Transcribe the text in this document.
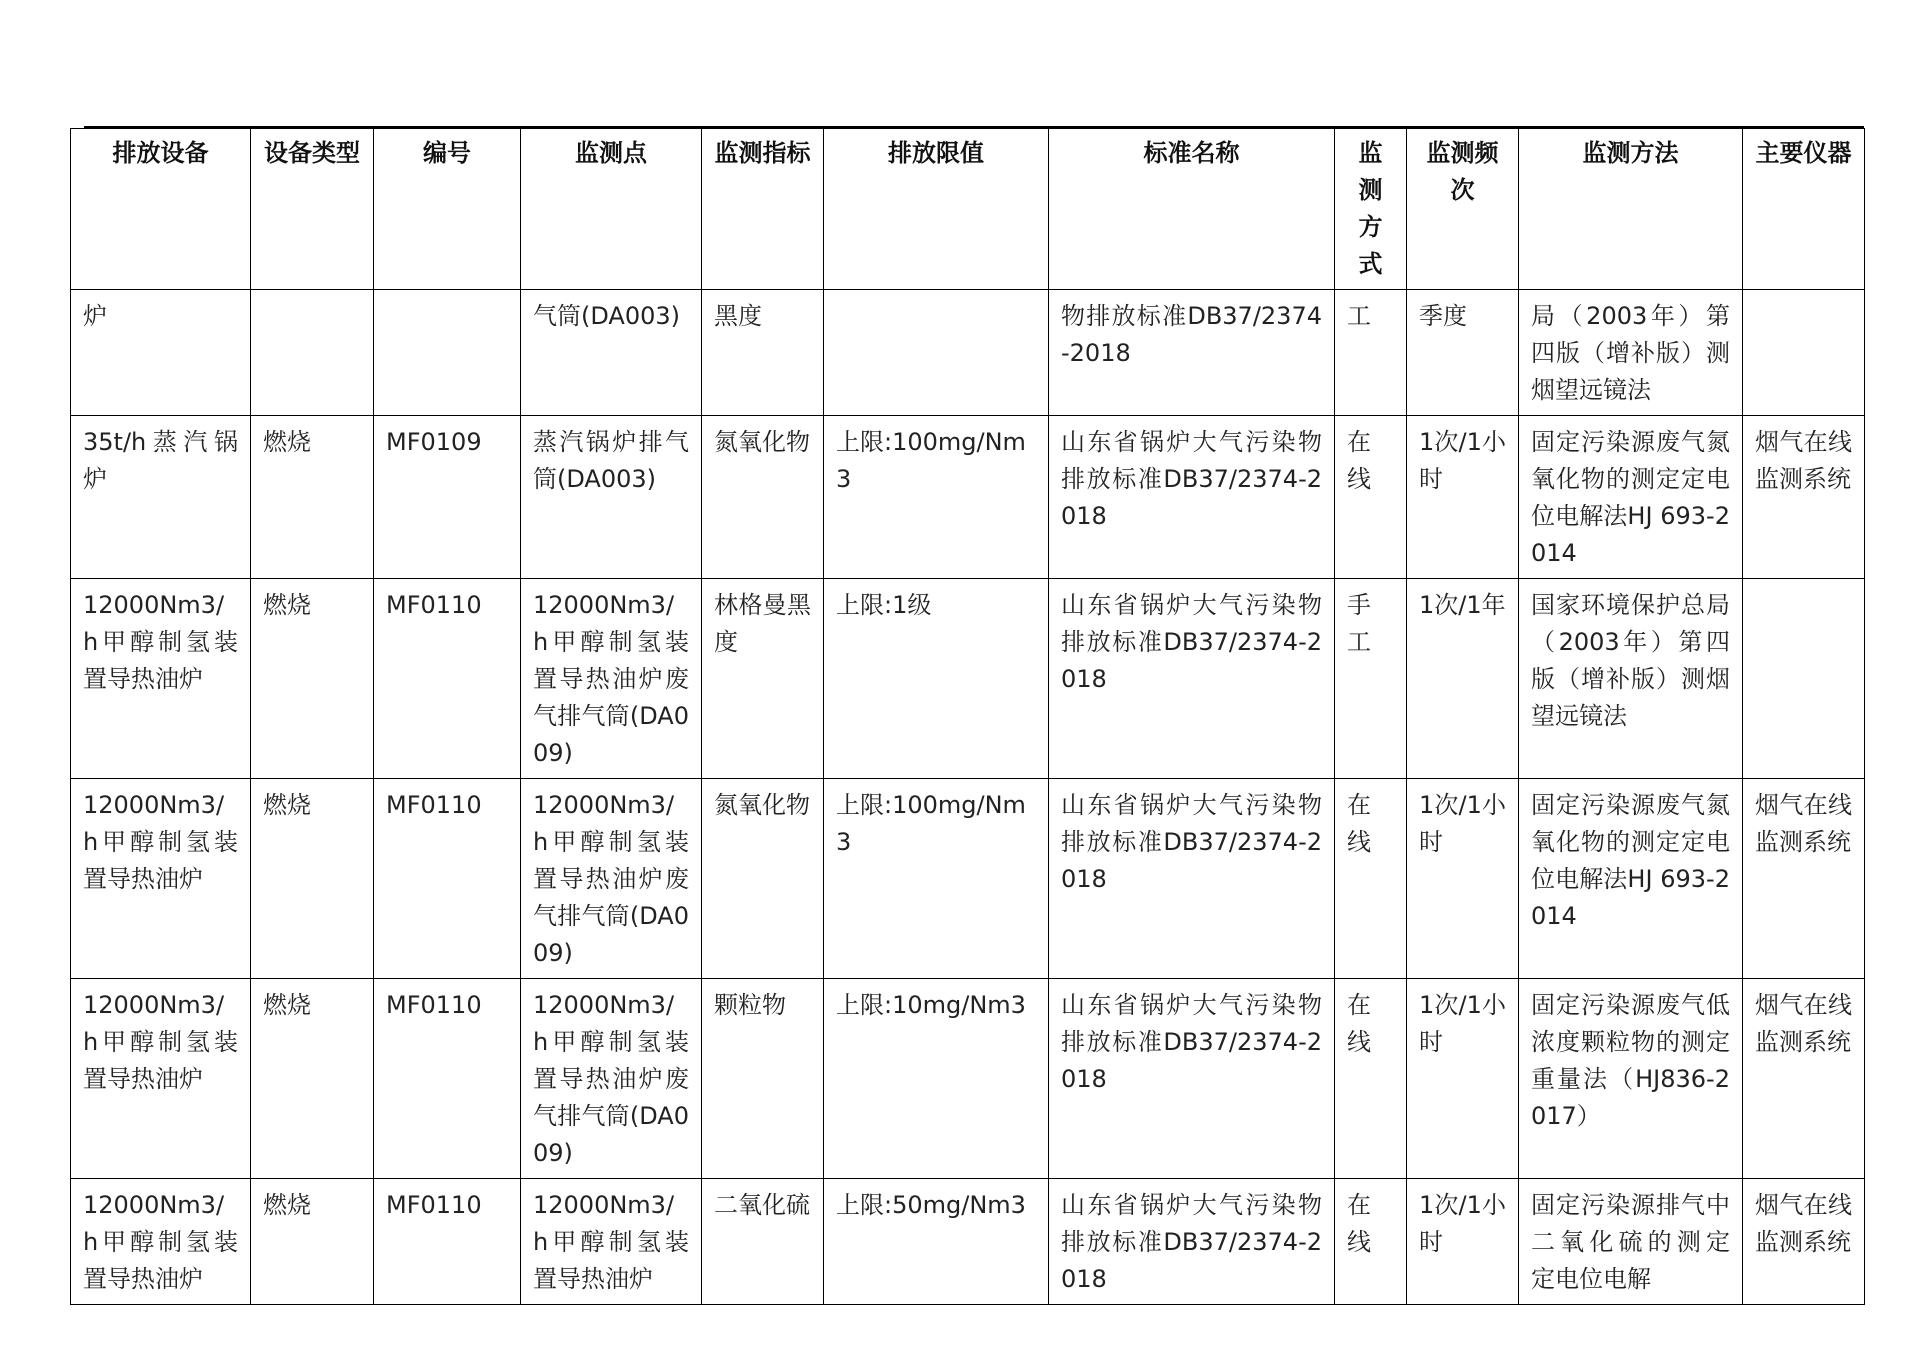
排放设备	设备类型	编号	监测点	监测指标	排放限值	标准名称	监测方式	监测频次	监测方法	主要仪器
炉			气筒(DA003)	黑度		物排放标准DB37/2374-2018	工	季度	局（2003年）第四版（增补版）测烟望远镜法	
35t/h蒸汽锅炉	燃烧	MF0109	蒸汽锅炉排气筒(DA003)	氮氧化物	上限:100mg/Nm3	山东省锅炉大气污染物排放标准DB37/2374-2018	在线	1次/1小时	固定污染源废气氮氧化物的测定定电位电解法HJ 693-2014	烟气在线监测系统
12000Nm3/h甲醇制氢装置导热油炉	燃烧	MF0110	12000Nm3/h甲醇制氢装置导热油炉废气排气筒(DA009)	林格曼黑度	上限:1级	山东省锅炉大气污染物排放标准DB37/2374-2018	手工	1次/1年	国家环境保护总局（2003年）第四版（增补版）测烟望远镜法	
12000Nm3/h甲醇制氢装置导热油炉	燃烧	MF0110	12000Nm3/h甲醇制氢装置导热油炉废气排气筒(DA009)	氮氧化物	上限:100mg/Nm3	山东省锅炉大气污染物排放标准DB37/2374-2018	在线	1次/1小时	固定污染源废气氮氧化物的测定定电位电解法HJ 693-2014	烟气在线监测系统
12000Nm3/h甲醇制氢装置导热油炉	燃烧	MF0110	12000Nm3/h甲醇制氢装置导热油炉废气排气筒(DA009)	颗粒物	上限:10mg/Nm3	山东省锅炉大气污染物排放标准DB37/2374-2018	在线	1次/1小时	固定污染源废气低浓度颗粒物的测定 重量法（HJ836-2017）	烟气在线监测系统
12000Nm3/h甲醇制氢装置导热油炉	燃烧	MF0110	12000Nm3/h甲醇制氢装置导热油炉	二氧化硫	上限:50mg/Nm3	山东省锅炉大气污染物排放标准DB37/2374-2018	在线	1次/1小时	固定污染源排气中二氧化硫的测定 定电位电解	烟气在线监测系统
